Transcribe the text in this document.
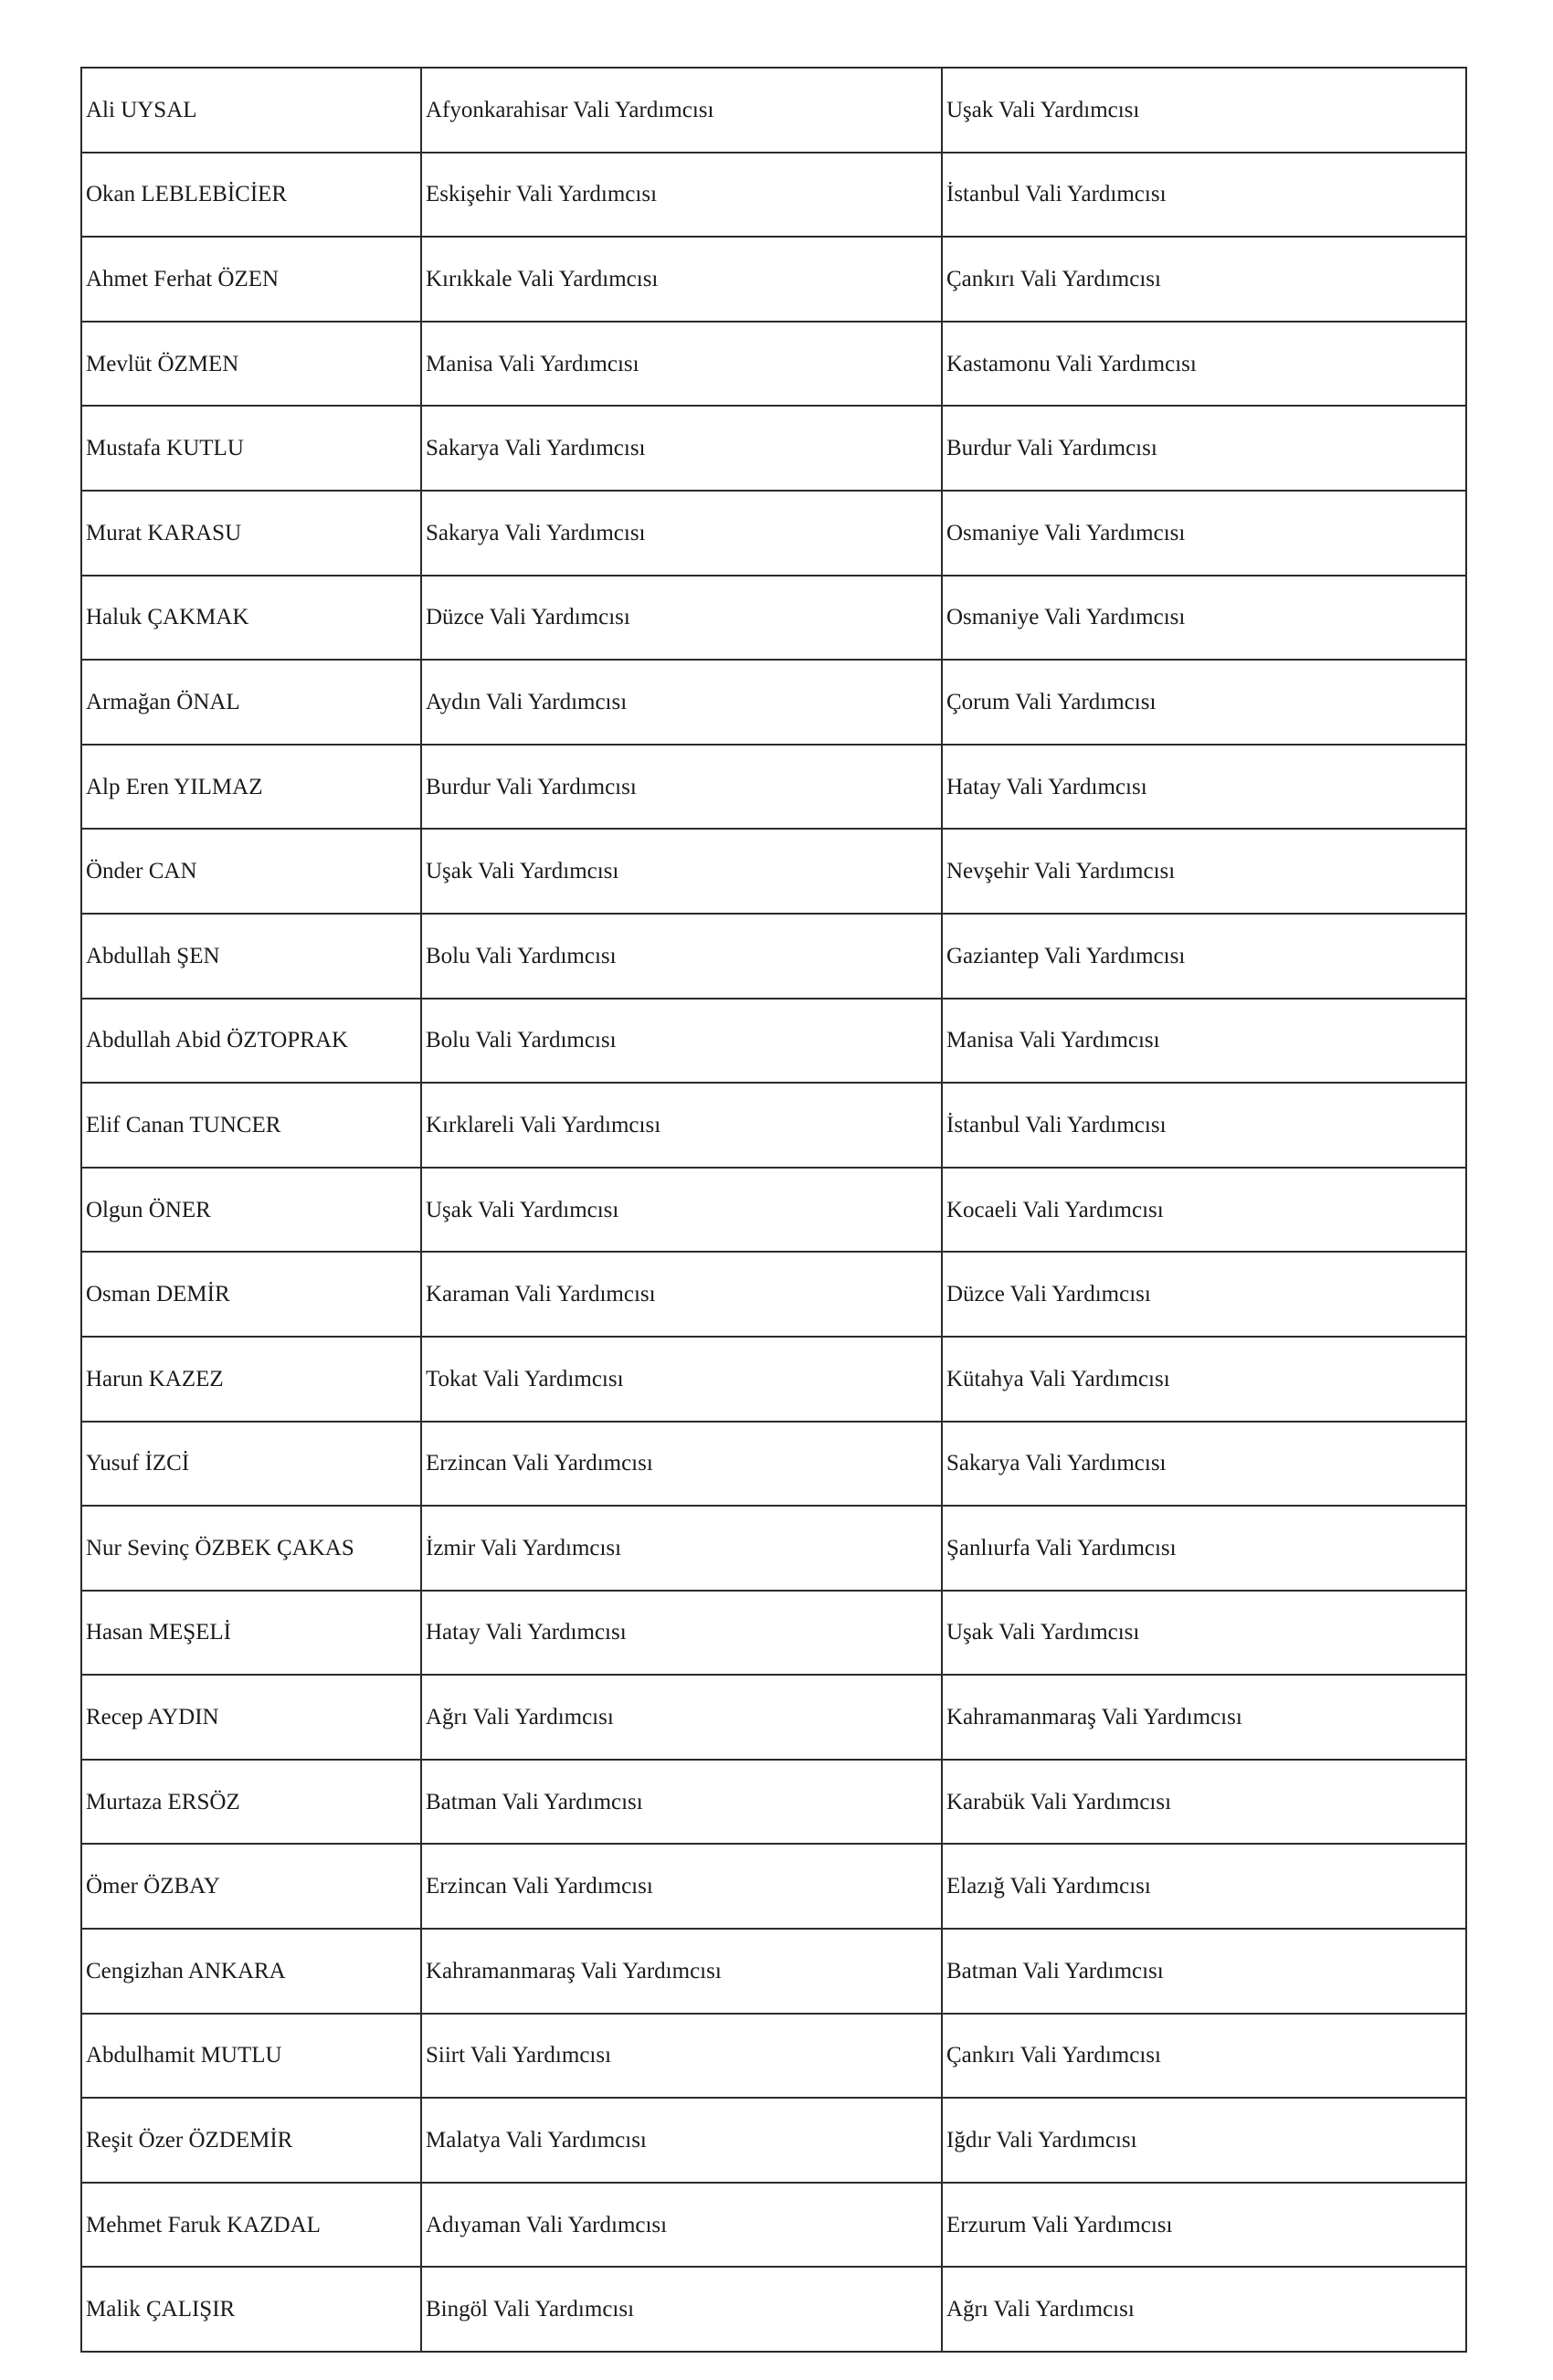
Ali UYSAL	Afyonkarahisar Vali Yardımcısı	Uşak Vali Yardımcısı
Okan LEBLEBİCİER	Eskişehir Vali Yardımcısı	İstanbul Vali Yardımcısı
Ahmet Ferhat ÖZEN	Kırıkkale Vali Yardımcısı	Çankırı Vali Yardımcısı
Mevlüt ÖZMEN	Manisa Vali Yardımcısı	Kastamonu Vali Yardımcısı
Mustafa KUTLU	Sakarya Vali Yardımcısı	Burdur Vali Yardımcısı
Murat KARASU	Sakarya Vali Yardımcısı	Osmaniye Vali Yardımcısı
Haluk ÇAKMAK	Düzce Vali Yardımcısı	Osmaniye Vali Yardımcısı
Armağan ÖNAL	Aydın Vali Yardımcısı	Çorum Vali Yardımcısı
Alp Eren YILMAZ	Burdur Vali Yardımcısı	Hatay Vali Yardımcısı
Önder CAN	Uşak Vali Yardımcısı	Nevşehir Vali Yardımcısı
Abdullah ŞEN	Bolu Vali Yardımcısı	Gaziantep Vali Yardımcısı
Abdullah Abid ÖZTOPRAK	Bolu Vali Yardımcısı	Manisa Vali Yardımcısı
Elif Canan TUNCER	Kırklareli Vali Yardımcısı	İstanbul Vali Yardımcısı
Olgun ÖNER	Uşak Vali Yardımcısı	Kocaeli Vali Yardımcısı
Osman DEMİR	Karaman Vali Yardımcısı	Düzce Vali Yardımcısı
Harun KAZEZ	Tokat Vali Yardımcısı	Kütahya Vali Yardımcısı
Yusuf İZCİ	Erzincan Vali Yardımcısı	Sakarya Vali Yardımcısı
Nur Sevinç ÖZBEK ÇAKAS	İzmir Vali Yardımcısı	Şanlıurfa Vali Yardımcısı
Hasan MEŞELİ	Hatay Vali Yardımcısı	Uşak Vali Yardımcısı
Recep AYDIN	Ağrı Vali Yardımcısı	Kahramanmaraş Vali Yardımcısı
Murtaza ERSÖZ	Batman Vali Yardımcısı	Karabük Vali Yardımcısı
Ömer ÖZBAY	Erzincan Vali Yardımcısı	Elazığ Vali Yardımcısı
Cengizhan ANKARA	Kahramanmaraş Vali Yardımcısı	Batman Vali Yardımcısı
Abdulhamit MUTLU	Siirt Vali Yardımcısı	Çankırı Vali Yardımcısı
Reşit Özer ÖZDEMİR	Malatya Vali Yardımcısı	Iğdır Vali Yardımcısı
Mehmet Faruk KAZDAL	Adıyaman Vali Yardımcısı	Erzurum Vali Yardımcısı
Malik ÇALIŞIR	Bingöl Vali Yardımcısı	Ağrı Vali Yardımcısı
